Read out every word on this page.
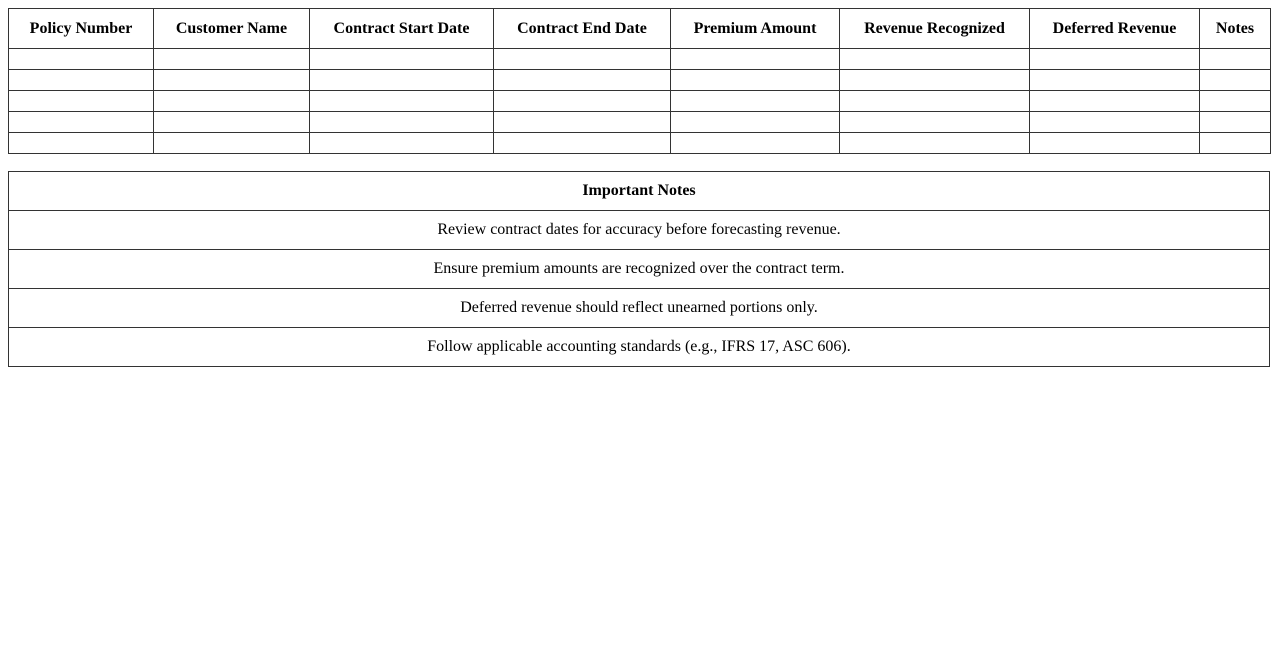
Policy Number	Customer Name	Contract Start Date	Contract End Date	Premium Amount	Revenue Recognized	Deferred Revenue	Notes

Important Notes
Review contract dates for accuracy before forecasting revenue.
Ensure premium amounts are recognized over the contract term.
Deferred revenue should reflect unearned portions only.
Follow applicable accounting standards (e.g., IFRS 17, ASC 606).
